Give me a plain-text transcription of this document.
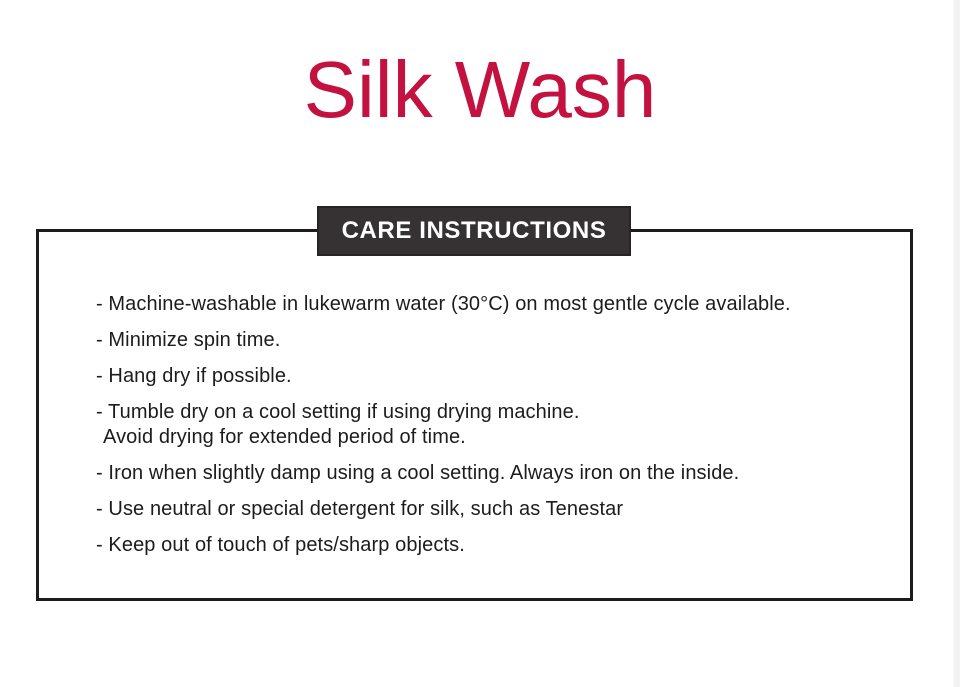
Silk Wash
CARE INSTRUCTIONS
- Machine-washable in lukewarm water (30°C) on most gentle cycle available.
- Minimize spin time.
- Hang dry if possible.
- Tumble dry on a cool setting if using drying machine.
Avoid drying for extended period of time.
- Iron when slightly damp using a cool setting. Always iron on the inside.
- Use neutral or special detergent for silk, such as Tenestar
- Keep out of touch of pets/sharp objects.
